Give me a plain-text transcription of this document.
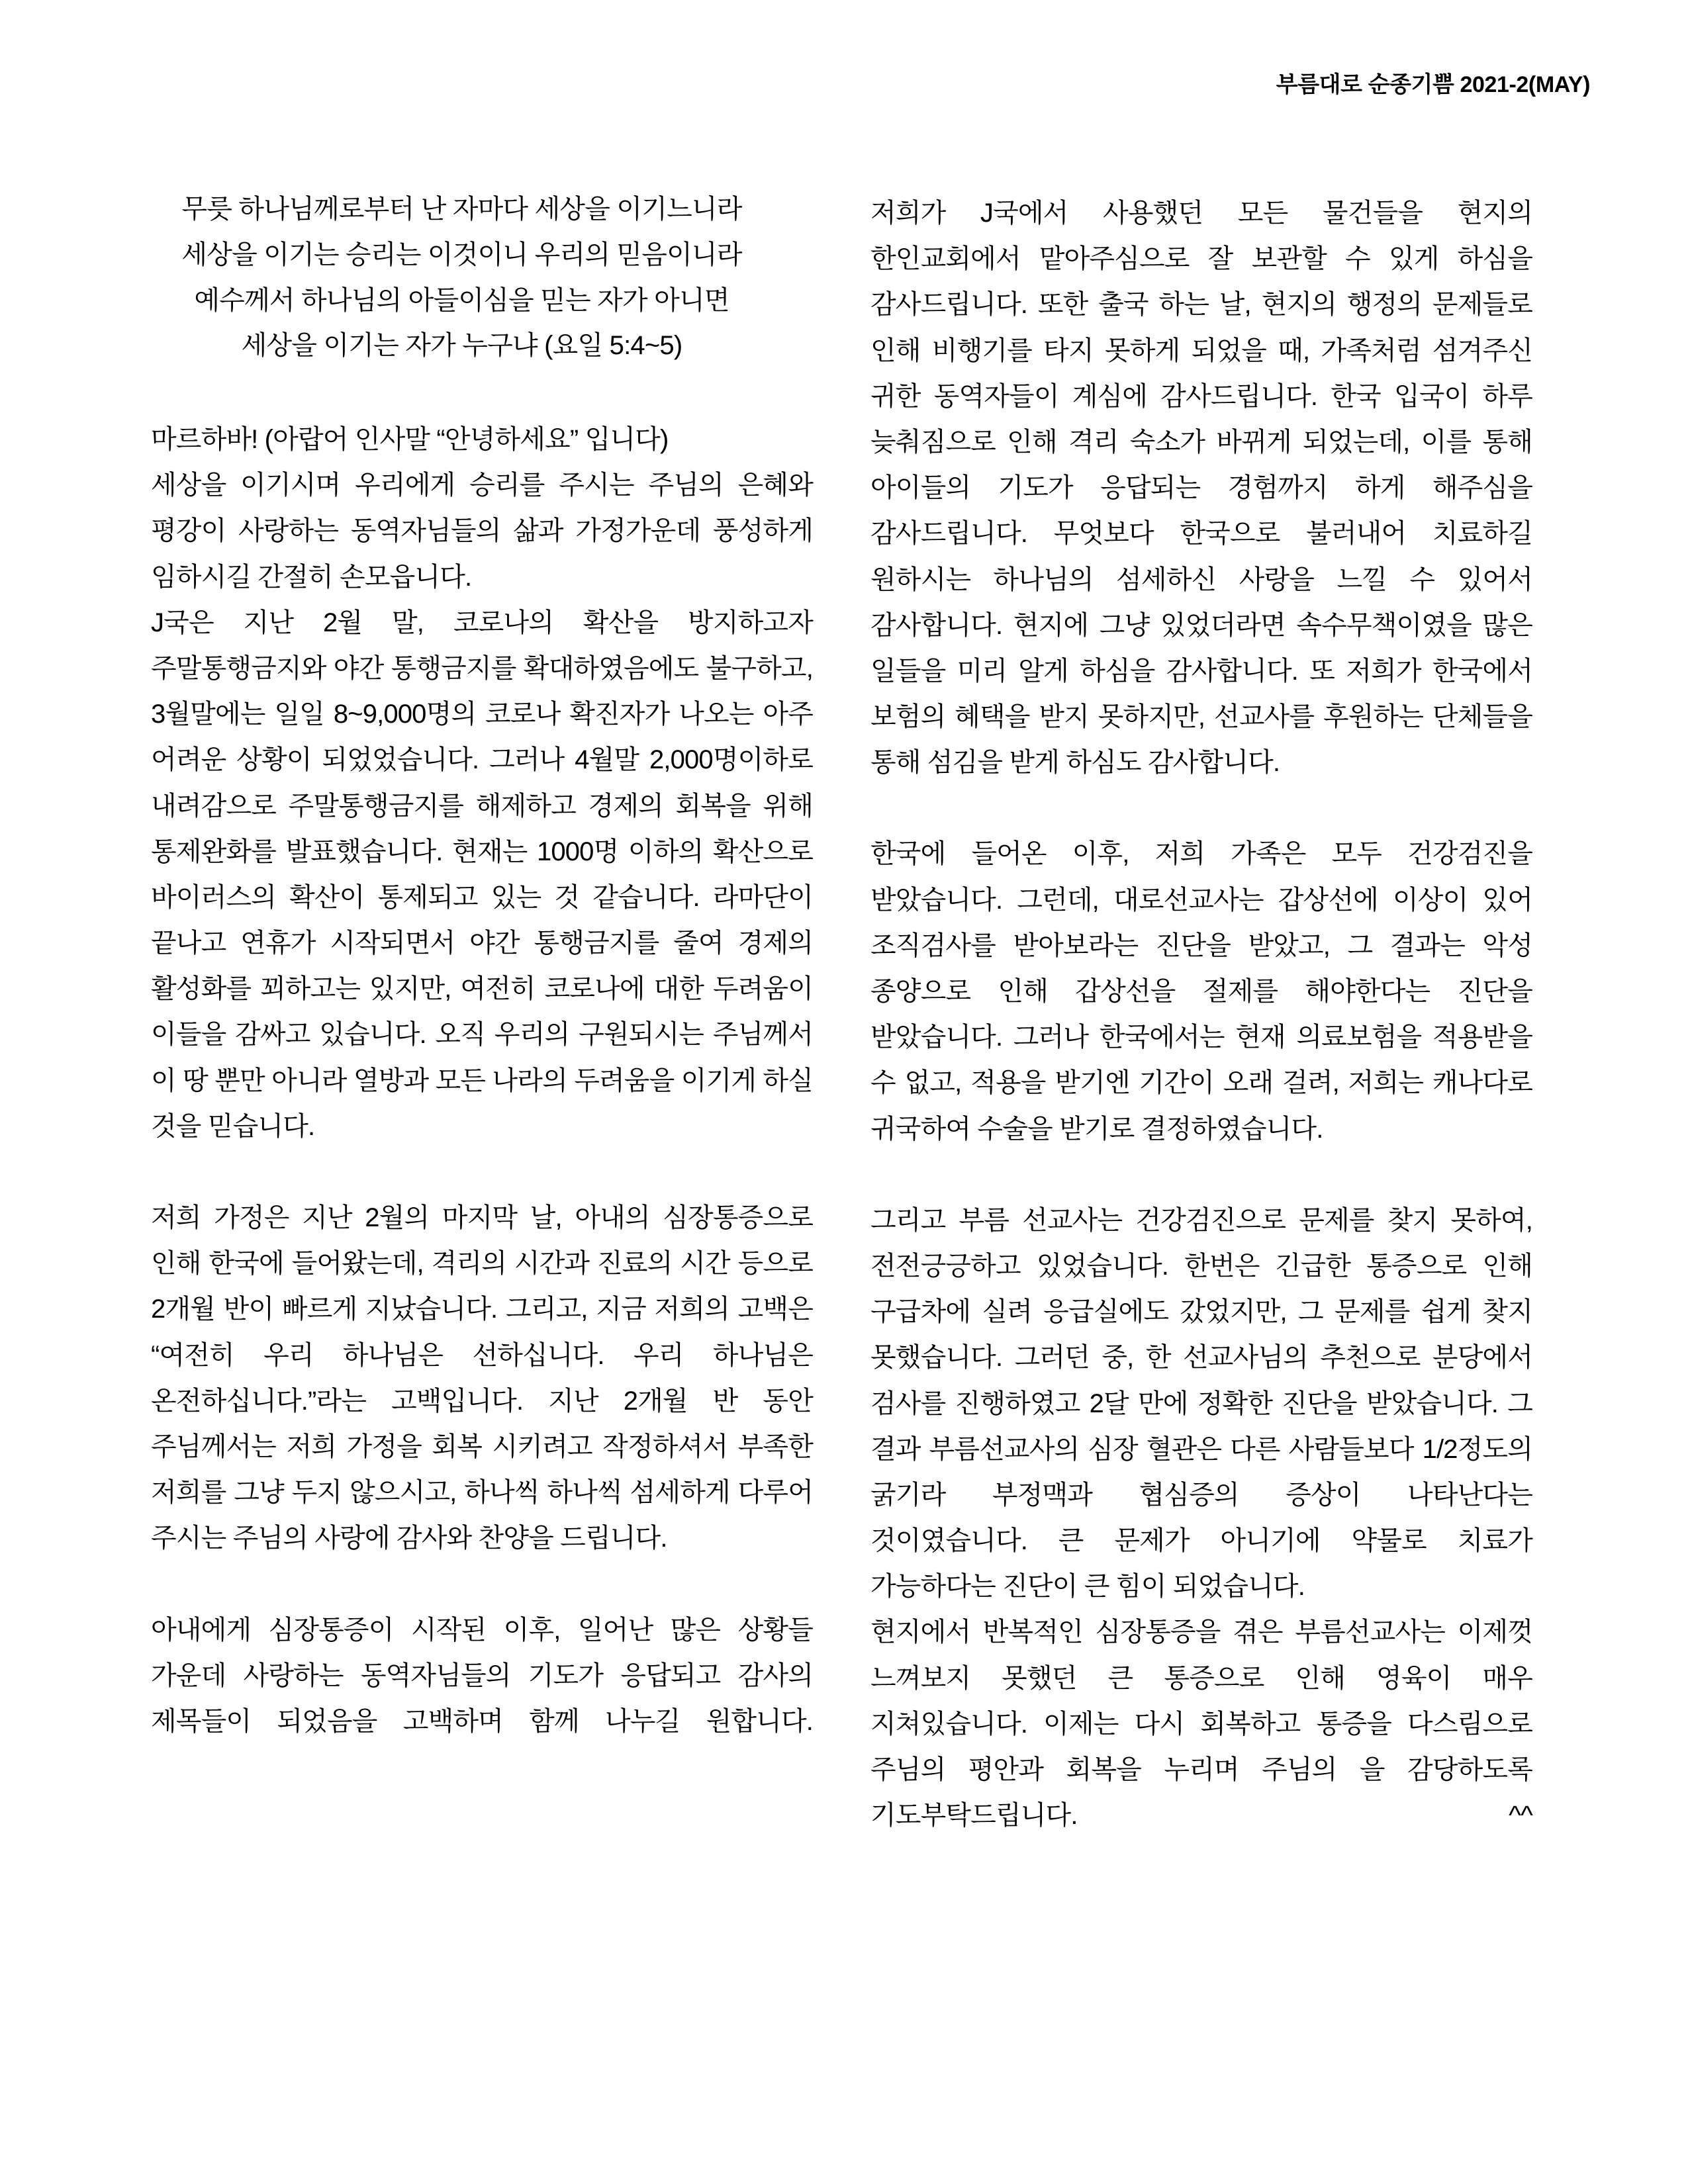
부름대로 순종기쁨 2021-2(MAY)
무릇 하나님께로부터 난 자마다 세상을 이기느니라
세상을 이기는 승리는 이것이니 우리의 믿음이니라
예수께서 하나님의 아들이심을 믿는 자가 아니면
세상을 이기는 자가 누구냐 (요일 5:4~5)

마르하바! (아랍어 인사말 “안녕하세요” 입니다)

세상을 이기시며 우리에게 승리를 주시는 주님의 은혜와 평강이 사랑하는 동역자님들의 삶과 가정가운데 풍성하게 임하시길 간절히 손모읍니다.

J국은 지난 2월 말, 코로나의 확산을 방지하고자 주말통행금지와 야간 통행금지를 확대하였음에도 불구하고, 3월말에는 일일 8~9,000명의 코로나 확진자가 나오는 아주 어려운 상황이 되었었습니다. 그러나 4월말 2,000명이하로 내려감으로 주말통행금지를 해제하고 경제의 회복을 위해 통제완화를 발표했습니다. 현재는 1000명 이하의 확산으로 바이러스의 확산이 통제되고 있는 것 같습니다. 라마단이 끝나고 연휴가 시작되면서 야간 통행금지를 줄여 경제의 활성화를 꾀하고는 있지만, 여전히 코로나에 대한 두려움이 이들을 감싸고 있습니다. 오직 우리의 구원되시는 주님께서 이 땅 뿐만 아니라 열방과 모든 나라의 두려움을 이기게 하실 것을 믿습니다.

저희 가정은 지난 2월의 마지막 날, 아내의 심장통증으로 인해 한국에 들어왔는데, 격리의 시간과 진료의 시간 등으로 2개월 반이 빠르게 지났습니다. 그리고, 지금 저희의 고백은 “여전히 우리 하나님은 선하십니다. 우리 하나님은 온전하십니다.”라는 고백입니다. 지난 2개월 반 동안 주님께서는 저희 가정을 회복 시키려고 작정하셔서 부족한 저희를 그냥 두지 않으시고, 하나씩 하나씩 섬세하게 다루어 주시는 주님의 사랑에 감사와 찬양을 드립니다.

아내에게 심장통증이 시작된 이후, 일어난 많은 상황들 가운데 사랑하는 동역자님들의 기도가 응답되고 감사의 제목들이 되었음을 고백하며 함께 나누길 원합니다.

저희가 J국에서 사용했던 모든 물건들을 현지의 한인교회에서 맡아주심으로 잘 보관할 수 있게 하심을 감사드립니다. 또한 출국 하는 날, 현지의 행정의 문제들로 인해 비행기를 타지 못하게 되었을 때, 가족처럼 섬겨주신 귀한 동역자들이 계심에 감사드립니다. 한국 입국이 하루 늦춰짐으로 인해 격리 숙소가 바뀌게 되었는데, 이를 통해 아이들의 기도가 응답되는 경험까지 하게 해주심을 감사드립니다. 무엇보다 한국으로 불러내어 치료하길 원하시는 하나님의 섬세하신 사랑을 느낄 수 있어서 감사합니다. 현지에 그냥 있었더라면 속수무책이였을 많은 일들을 미리 알게 하심을 감사합니다. 또 저희가 한국에서 보험의 혜택을 받지 못하지만, 선교사를 후원하는 단체들을 통해 섬김을 받게 하심도 감사합니다.

한국에 들어온 이후, 저희 가족은 모두 건강검진을 받았습니다. 그런데, 대로선교사는 갑상선에 이상이 있어 조직검사를 받아보라는 진단을 받았고, 그 결과는 악성 종양으로 인해 갑상선을 절제를 해야한다는 진단을 받았습니다. 그러나 한국에서는 현재 의료보험을 적용받을 수 없고, 적용을 받기엔 기간이 오래 걸려, 저희는 캐나다로 귀국하여 수술을 받기로 결정하였습니다.

그리고 부름 선교사는 건강검진으로 문제를 찾지 못하여, 전전긍긍하고 있었습니다. 한번은 긴급한 통증으로 인해 구급차에 실려 응급실에도 갔었지만, 그 문제를 쉽게 찾지 못했습니다. 그러던 중, 한 선교사님의 추천으로 분당에서 검사를 진행하였고 2달 만에 정확한 진단을 받았습니다. 그 결과 부름선교사의 심장 혈관은 다른 사람들보다 1/2정도의 굵기라 부정맥과 협심증의 증상이 나타난다는 것이였습니다. 큰 문제가 아니기에 약물로 치료가 가능하다는 진단이 큰 힘이 되었습니다.

현지에서 반복적인 심장통증을 겪은 부름선교사는 이제껏 느껴보지 못했던 큰 통증으로 인해 영육이 매우 지쳐있습니다. 이제는 다시 회복하고 통증을 다스림으로 주님의 평안과 회복을 누리며 주님의 을 감당하도록 기도부탁드립니다. ^^
